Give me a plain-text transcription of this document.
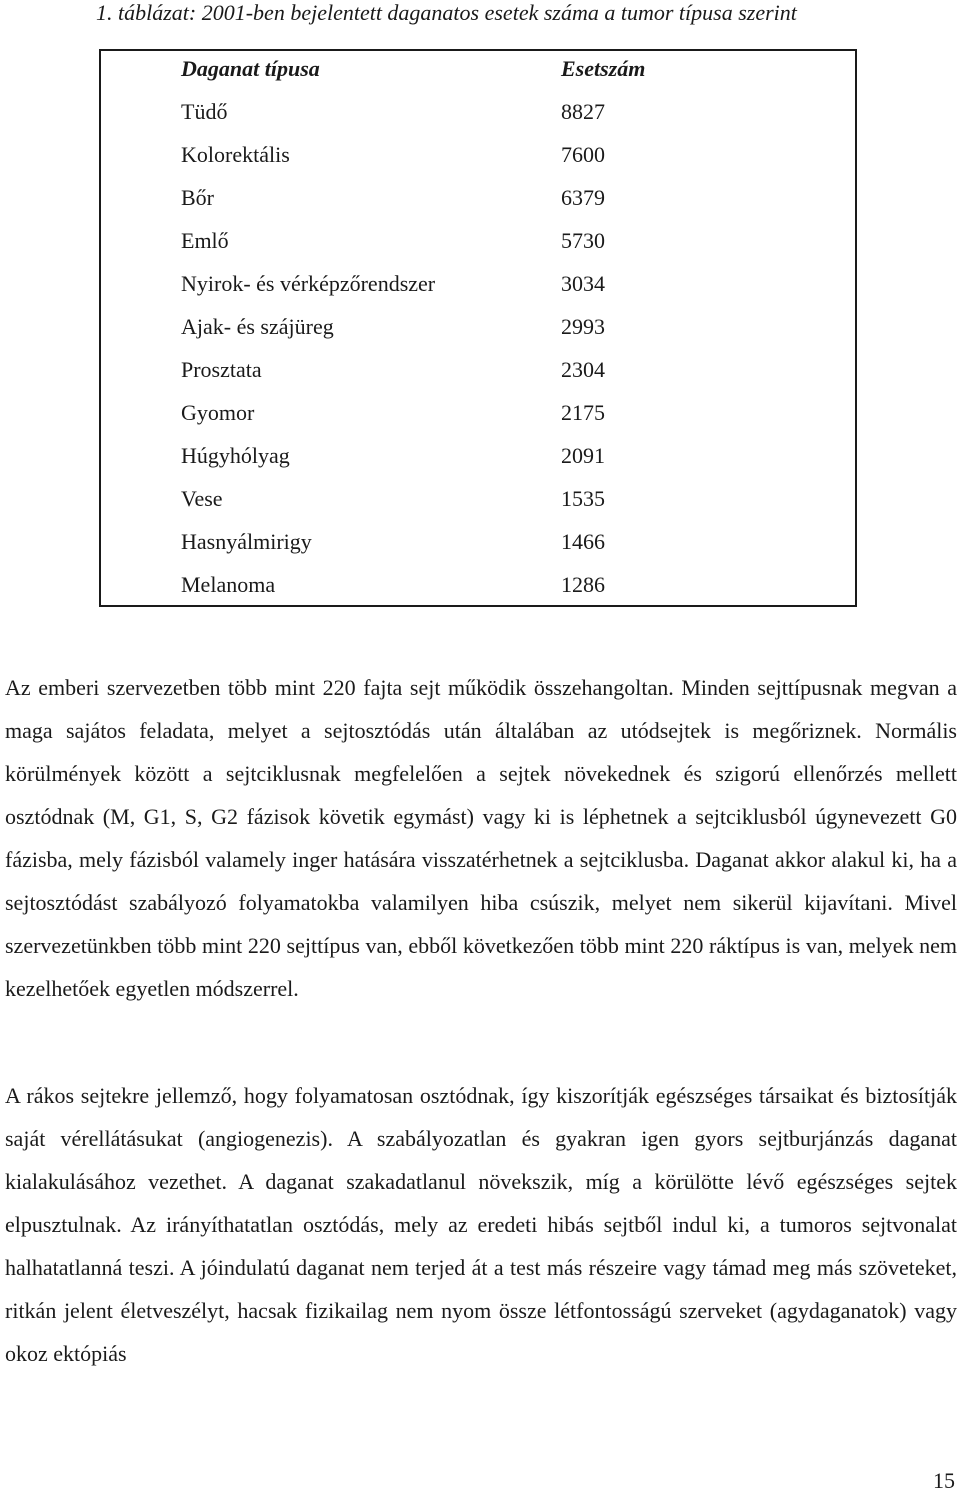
1. táblázat: 2001-ben bejelentett daganatos esetek száma a tumor típusa szerint
Daganat típusa	Esetszám
Tüdő	8827
Kolorektális	7600
Bőr	6379
Emlő	5730
Nyirok- és vérképzőrendszer	3034
Ajak- és szájüreg	2993
Prosztata	2304
Gyomor	2175
Húgyhólyag	2091
Vese	1535
Hasnyálmirigy	1466
Melanoma	1286

Az emberi szervezetben több mint 220 fajta sejt működik összehangoltan. Minden sejttípusnak megvan a maga sajátos feladata, melyet a sejtosztódás után általában az utódsejtek is megőriznek. Normális körülmények között a sejtciklusnak megfelelően a sejtek növekednek és szigorú ellenőrzés mellett osztódnak (M, G1, S, G2 fázisok követik egymást) vagy ki is léphetnek a sejtciklusból úgynevezett G0 fázisba, mely fázisból valamely inger hatására visszatérhetnek a sejtciklusba. Daganat akkor alakul ki, ha a sejtosztódást szabályozó folyamatokba valamilyen hiba csúszik, melyet nem sikerül kijavítani. Mivel szervezetünkben több mint 220 sejttípus van, ebből következően több mint 220 ráktípus is van, melyek nem kezelhetőek egyetlen módszerrel.

A rákos sejtekre jellemző, hogy folyamatosan osztódnak, így kiszorítják egészséges társaikat és biztosítják saját vérellátásukat (angiogenezis). A szabályozatlan és gyakran igen gyors sejtburjánzás daganat kialakulásához vezethet. A daganat szakadatlanul növekszik, míg a körülötte lévő egészséges sejtek elpusztulnak. Az irányíthatatlan osztódás, mely az eredeti hibás sejtből indul ki, a tumoros sejtvonalat halhatatlanná teszi. A jóindulatú daganat nem terjed át a test más részeire vagy támad meg más szöveteket, ritkán jelent életveszélyt, hacsak fizikailag nem nyom össze létfontosságú szerveket (agydaganatok) vagy okoz ektópiás

15
